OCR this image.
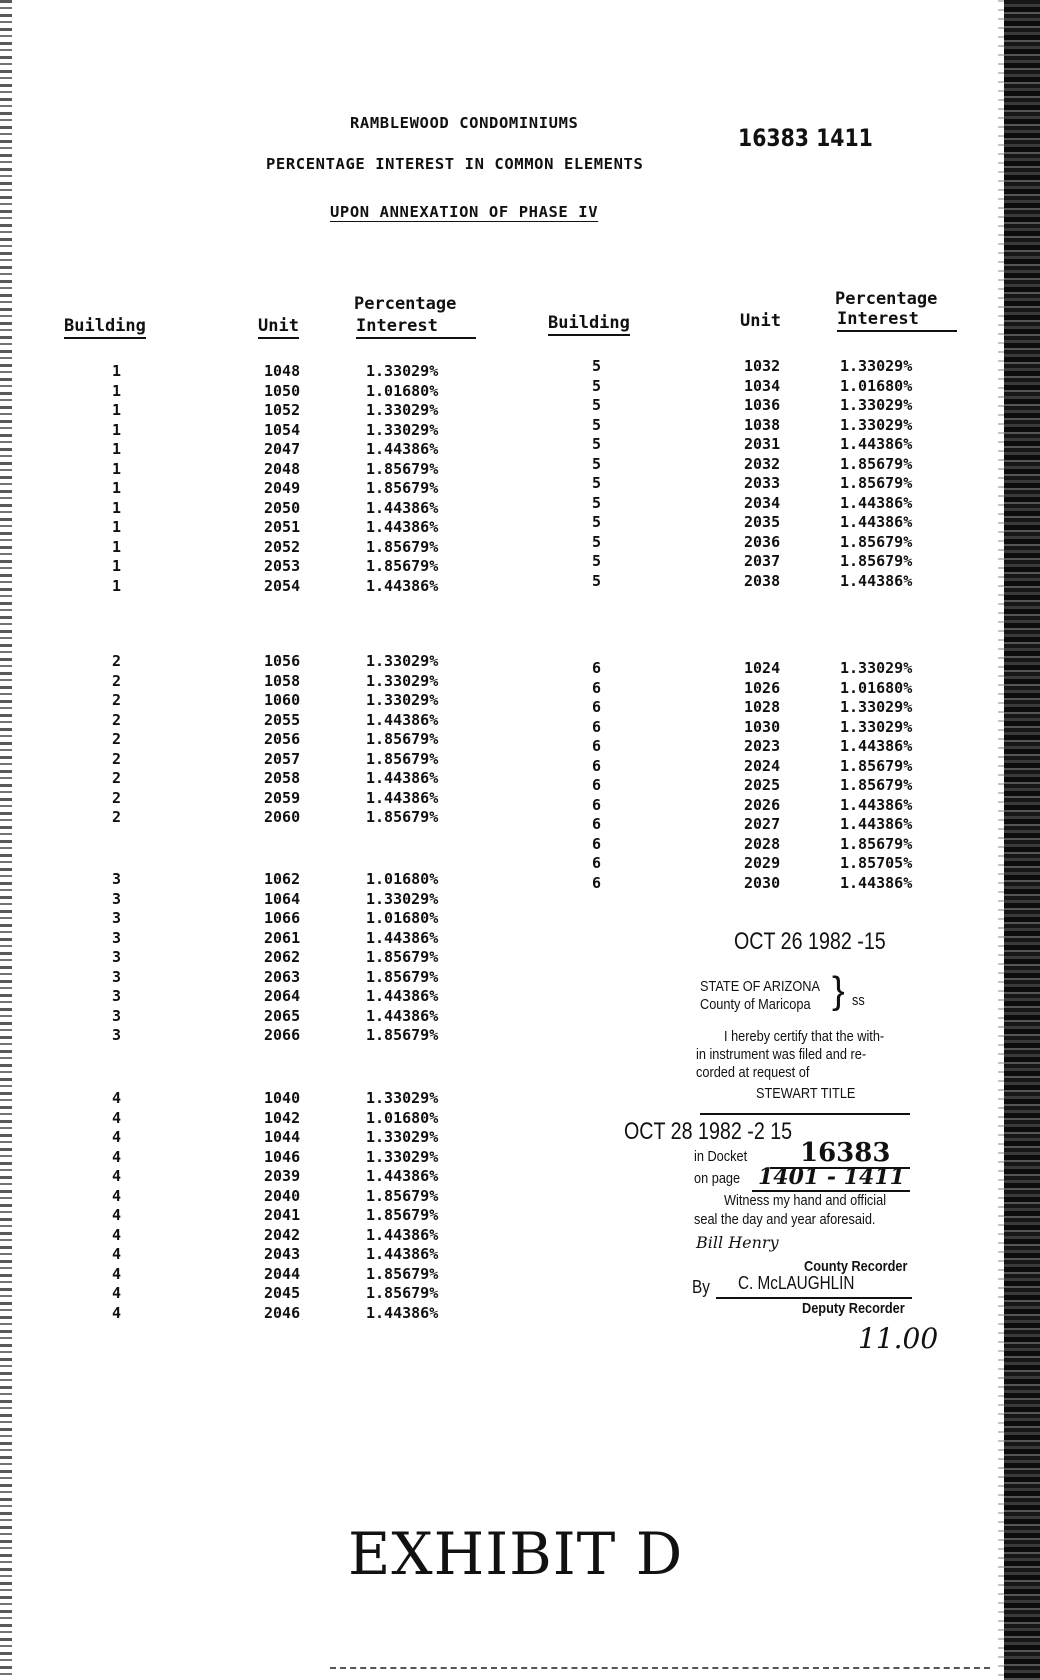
RAMBLEWOOD CONDOMINIUMS
PERCENTAGE INTEREST IN COMMON ELEMENTS
UPON ANNEXATION OF PHASE IV
16383 1411
Building	Unit
Percentage
Interest	Building	Unit
Percentage
Interest
1	1048	1.33029%
1	1050	1.01680%
1	1052	1.33029%
1	1054	1.33029%
1	2047	1.44386%
1	2048	1.85679%
1	2049	1.85679%
1	2050	1.44386%
1	2051	1.44386%
1	2052	1.85679%
1	2053	1.85679%
1	2054	1.44386%
2	1056	1.33029%
2	1058	1.33029%
2	1060	1.33029%
2	2055	1.44386%
2	2056	1.85679%
2	2057	1.85679%
2	2058	1.44386%
2	2059	1.44386%
2	2060	1.85679%
3	1062	1.01680%
3	1064	1.33029%
3	1066	1.01680%
3	2061	1.44386%
3	2062	1.85679%
3	2063	1.85679%
3	2064	1.44386%
3	2065	1.44386%
3	2066	1.85679%
4	1040	1.33029%
4	1042	1.01680%
4	1044	1.33029%
4	1046	1.33029%
4	2039	1.44386%
4	2040	1.85679%
4	2041	1.85679%
4	2042	1.44386%
4	2043	1.44386%
4	2044	1.85679%
4	2045	1.85679%
4	2046	1.44386%
5	1032	1.33029%
5	1034	1.01680%
5	1036	1.33029%
5	1038	1.33029%
5	2031	1.44386%
5	2032	1.85679%
5	2033	1.85679%
5	2034	1.44386%
5	2035	1.44386%
5	2036	1.85679%
5	2037	1.85679%
5	2038	1.44386%
6	1024	1.33029%
6	1026	1.01680%
6	1028	1.33029%
6	1030	1.33029%
6	2023	1.44386%
6	2024	1.85679%
6	2025	1.85679%
6	2026	1.44386%
6	2027	1.44386%
6	2028	1.85679%
6	2029	1.85705%
6	2030	1.44386%
OCT 26 1982 -15
STATE OF ARIZONA
County of Maricopa } ss
I hereby certify that the with-
in instrument was filed and re-
corded at request of
STEWART TITLE
OCT 28 1982 -2 15
in Docket 16383
on page 1401 - 1411
Witness my hand and official
seal the day and year aforesaid.
Bill Henry
County Recorder
By C. McLAUGHLIN
Deputy Recorder
11.00
EXHIBIT D
